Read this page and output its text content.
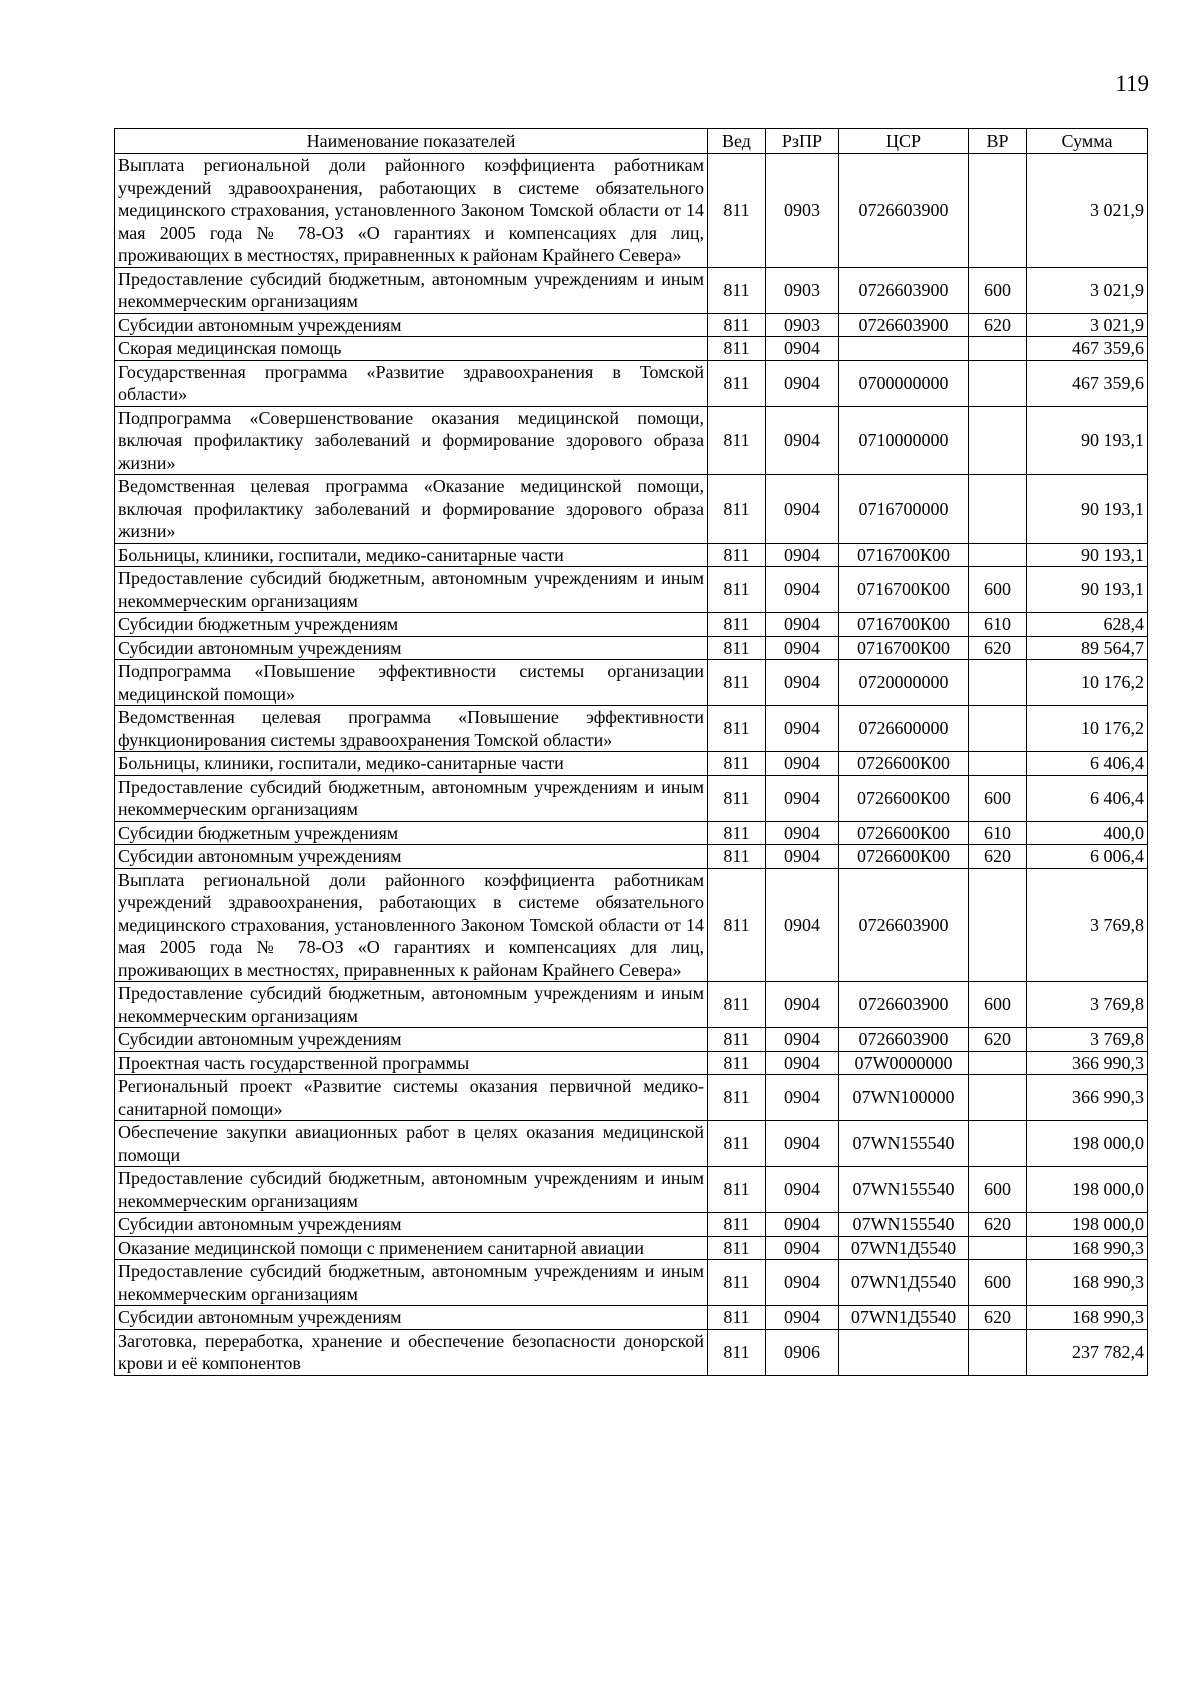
119
Наименование показателей	Вед	РзПР	ЦСР	ВР	Сумма
Выплата региональной доли районного коэффициента работникам учреждений здравоохранения, работающих в системе обязательного медицинского страхования, установленного Законом Томской области от 14 мая 2005 года № 78-ОЗ «О гарантиях и компенсациях для лиц, проживающих в местностях, приравненных к районам Крайнего Севера»	811	0903	0726603900		3 021,9
Предоставление субсидий бюджетным, автономным учреждениям и иным некоммерческим организациям	811	0903	0726603900	600	3 021,9
Субсидии автономным учреждениям	811	0903	0726603900	620	3 021,9
Скорая медицинская помощь	811	0904			467 359,6
Государственная программа «Развитие здравоохранения в Томской области»	811	0904	0700000000		467 359,6
Подпрограмма «Совершенствование оказания медицинской помощи, включая профилактику заболеваний и формирование здорового образа жизни»	811	0904	0710000000		90 193,1
Ведомственная целевая программа «Оказание медицинской помощи, включая профилактику заболеваний и формирование здорового образа жизни»	811	0904	0716700000		90 193,1
Больницы, клиники, госпитали, медико-санитарные части	811	0904	0716700К00		90 193,1
Предоставление субсидий бюджетным, автономным учреждениям и иным некоммерческим организациям	811	0904	0716700К00	600	90 193,1
Субсидии бюджетным учреждениям	811	0904	0716700К00	610	628,4
Субсидии автономным учреждениям	811	0904	0716700К00	620	89 564,7
Подпрограмма «Повышение эффективности системы организации медицинской помощи»	811	0904	0720000000		10 176,2
Ведомственная целевая программа «Повышение эффективности функционирования системы здравоохранения Томской области»	811	0904	0726600000		10 176,2
Больницы, клиники, госпитали, медико-санитарные части	811	0904	0726600К00		6 406,4
Предоставление субсидий бюджетным, автономным учреждениям и иным некоммерческим организациям	811	0904	0726600К00	600	6 406,4
Субсидии бюджетным учреждениям	811	0904	0726600К00	610	400,0
Субсидии автономным учреждениям	811	0904	0726600К00	620	6 006,4
Выплата региональной доли районного коэффициента работникам учреждений здравоохранения, работающих в системе обязательного медицинского страхования, установленного Законом Томской области от 14 мая 2005 года № 78-ОЗ «О гарантиях и компенсациях для лиц, проживающих в местностях, приравненных к районам Крайнего Севера»	811	0904	0726603900		3 769,8
Предоставление субсидий бюджетным, автономным учреждениям и иным некоммерческим организациям	811	0904	0726603900	600	3 769,8
Субсидии автономным учреждениям	811	0904	0726603900	620	3 769,8
Проектная часть государственной программы	811	0904	07W0000000		366 990,3
Региональный проект «Развитие системы оказания первичной медико-санитарной помощи»	811	0904	07WN100000		366 990,3
Обеспечение закупки авиационных работ в целях оказания медицинской помощи	811	0904	07WN155540		198 000,0
Предоставление субсидий бюджетным, автономным учреждениям и иным некоммерческим организациям	811	0904	07WN155540	600	198 000,0
Субсидии автономным учреждениям	811	0904	07WN155540	620	198 000,0
Оказание медицинской помощи с применением санитарной авиации	811	0904	07WN1Д5540		168 990,3
Предоставление субсидий бюджетным, автономным учреждениям и иным некоммерческим организациям	811	0904	07WN1Д5540	600	168 990,3
Субсидии автономным учреждениям	811	0904	07WN1Д5540	620	168 990,3
Заготовка, переработка, хранение и обеспечение безопасности донорской крови и её компонентов	811	0906			237 782,4
